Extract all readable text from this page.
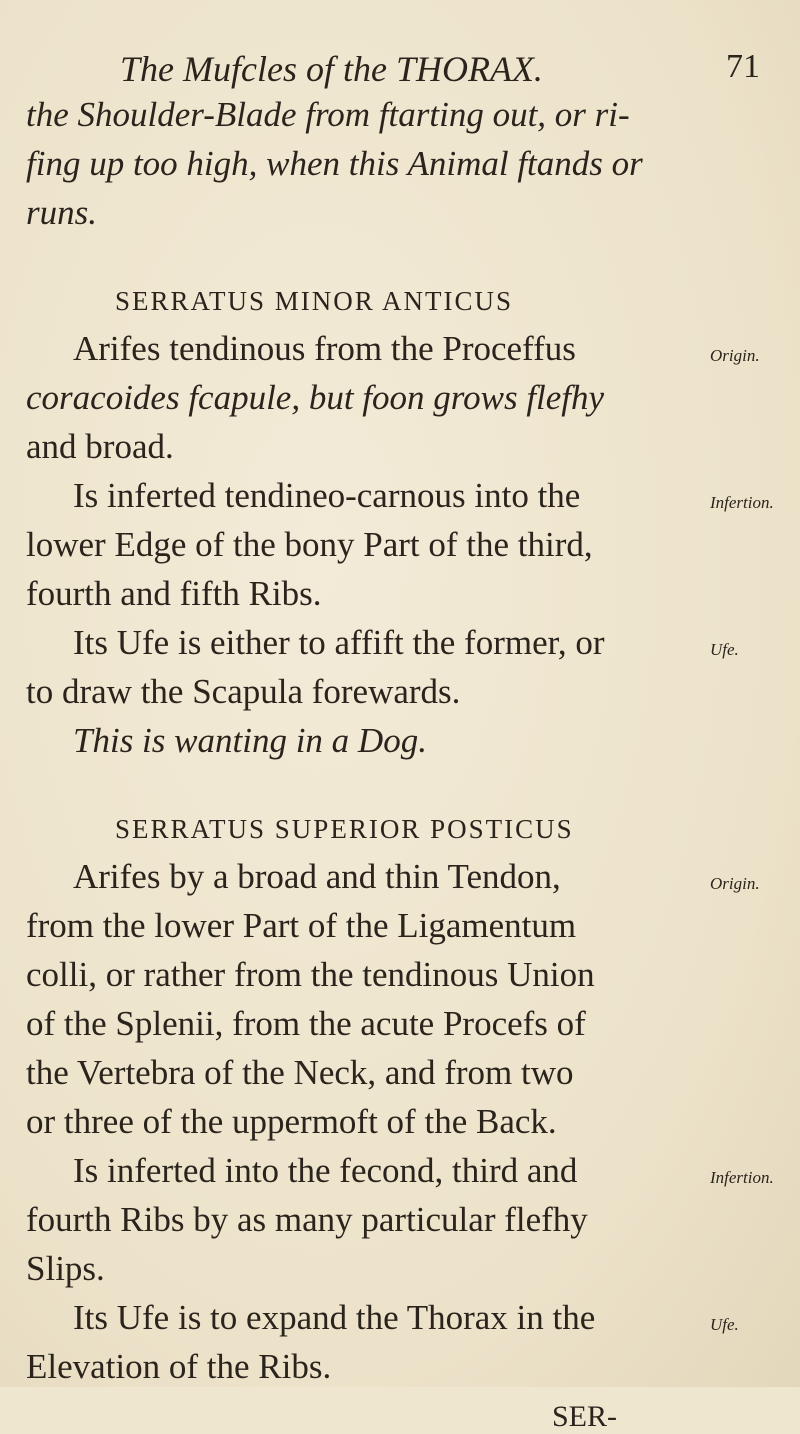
The Mufcles of the THORAX.	71
the Shoulder-Blade from ftarting out, or ri-
fing up too high, when this Animal ftands or
runs.
SERRATUS MINOR ANTICUS
Arifes tendinous from the Proceffus
coracoides fcapule, but foon grows flefhy
and broad.
Is inferted tendineo-carnous into the
lower Edge of the bony Part of the third,
fourth and fifth Ribs.
Its Ufe is either to affift the former, or
to draw the Scapula forewards.
This is wanting in a Dog.
Origin.
Infertion.
Ufe.
SERRATUS SUPERIOR POSTICUS
Arifes by a broad and thin Tendon,
from the lower Part of the Ligamentum
colli, or rather from the tendinous Union
of the Splenii, from the acute Procefs of
the Vertebra of the Neck, and from two
or three of the uppermoft of the Back.
Is inferted into the fecond, third and
fourth Ribs by as many particular flefhy
Slips.
Its Ufe is to expand the Thorax in the
Elevation of the Ribs.
Origin.
Infertion.
Ufe.
SER-
